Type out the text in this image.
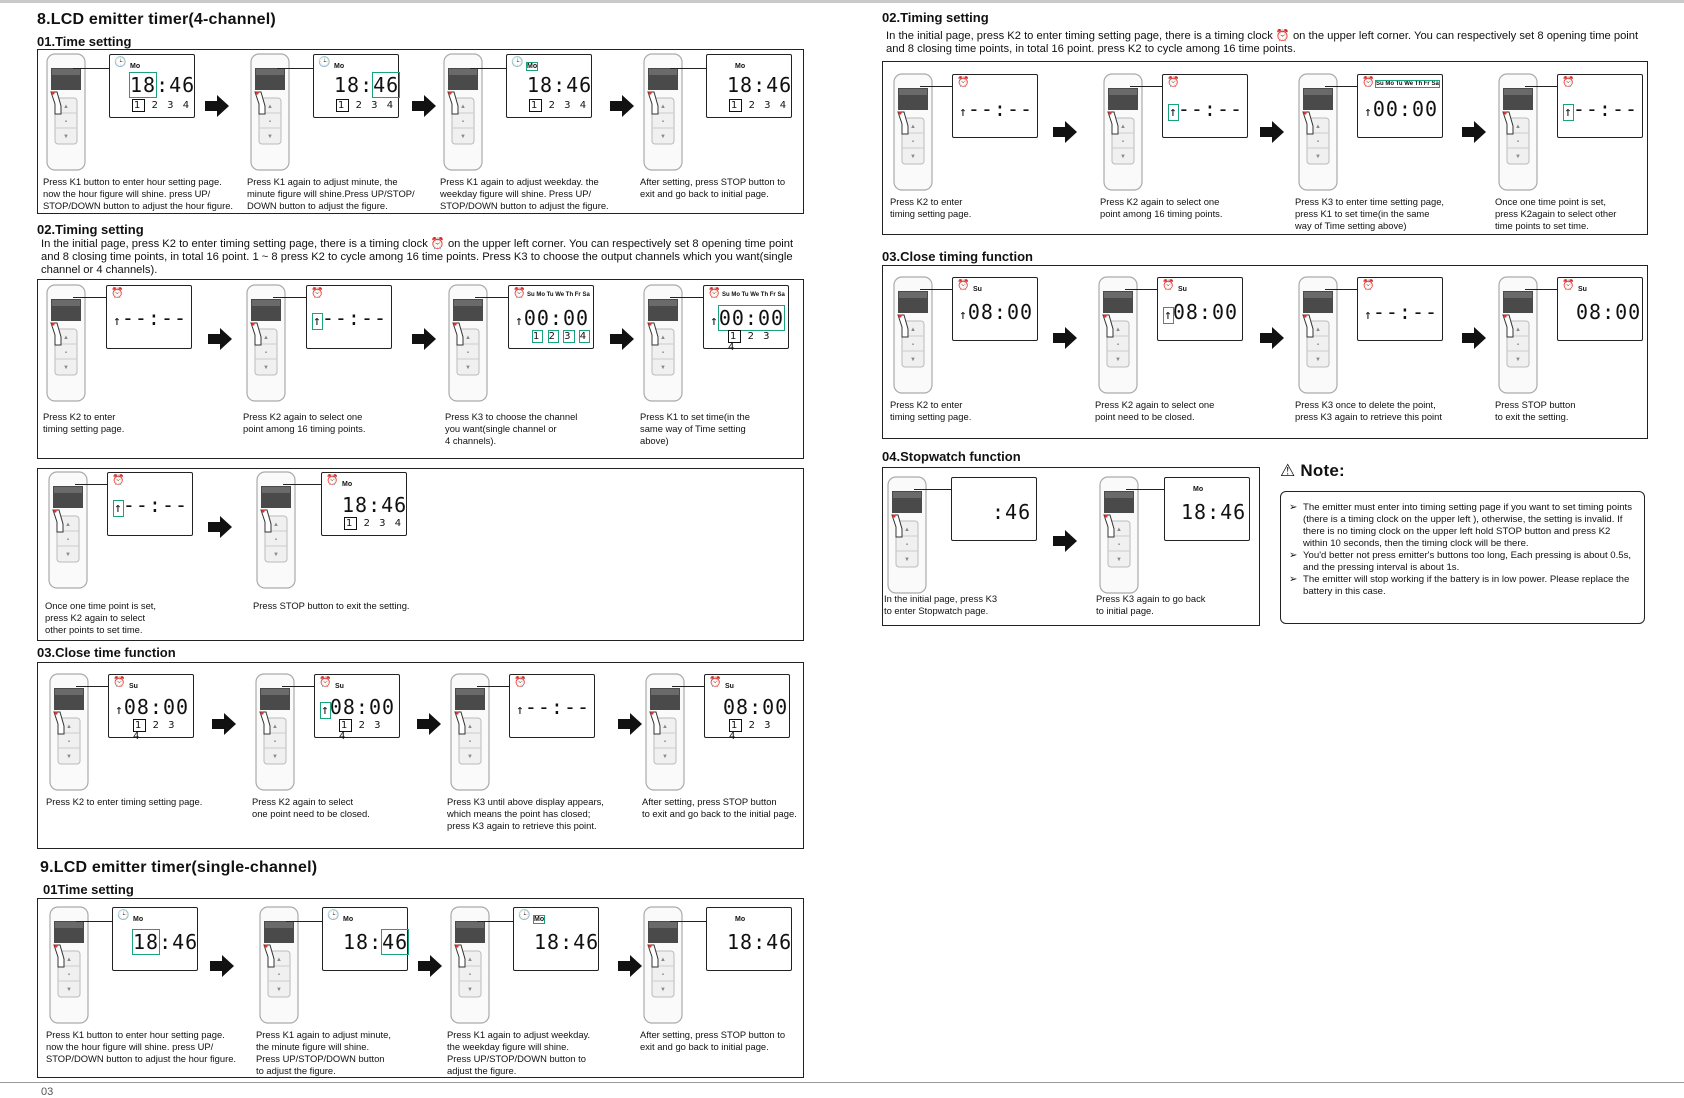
8.LCD emitter timer(4-channel)
01.Time setting
02.Timing setting
In the initial page, press K2 to enter timing setting page, there is a timing clock ⏰ on the upper left corner. You can respectively set 8 opening time point and 8 closing time points, in total 16 point. 1 ~ 8 press K2 to cycle among 16 time points. Press K3 to choose the output channels which you want(single channel or 4 channels).
03.Close time function
9.LCD emitter timer(single-channel)
01Time setting
02.Timing setting
In the initial page, press K2 to enter timing setting page, there is a timing clock ⏰ on the upper left corner. You can respectively set 8 opening time point and 8 closing time points, in total 16 point. press K2 to cycle among 16 time points.
03.Close timing function
04.Stopwatch function
⚠ Note:
➢ The emitter must enter into timing setting page if you want to set timing points (there is a timing clock on the upper left ), otherwise, the setting is invalid. If there is no timing clock on the upper left hold STOP button and press K2 within 10 seconds, then the timing clock will be there.
➢ You'd better not press emitter's buttons too long, Each pressing is about 0.5s, and the pressing interval is about 1s.
➢ The emitter will stop working if the battery is in low power. Please replace the battery in this case.
▲
▪
▼
🕒 Mo
18:46
1 2 3 4
Press K1 button to enter hour setting page.
now the hour figure will shine. press UP/
STOP/DOWN button to adjust the hour figure.
▲
▪
▼
🕒 Mo
18:46
1 2 3 4
Press K1 again to adjust minute, the
minute figure will shine.Press UP/STOP/
DOWN button to adjust the figure.
▲
▪
▼
🕒 Mo
18:46
1 2 3 4
Press K1 again to adjust weekday. the
weekday figure will shine. Press UP/
STOP/DOWN button to adjust the figure.
▲
▪
▼
Mo
18:46
1 2 3 4
After setting, press STOP button to
exit and go back to initial page.
▲
▪
▼
⏰
↑--:--
Press K2 to enter
timing setting page.
▲
▪
▼
⏰
↑--:--
Press K2 again to select one
point among 16 timing points.
▲
▪
▼
⏰ Su Mo Tu We Th Fr Sa
↑00:00
1 2 3 4
Press K3 to choose the channel
you want(single channel or
4 channels).
▲
▪
▼
⏰ Su Mo Tu We Th Fr Sa
↑00:00
1 2 3 4
Press K1 to set time(in the
same way of Time setting
above)
▲
▪
▼
⏰
↑--:--
Once one time point is set,
press K2 again to select
other points to set time.
▲
▪
▼
⏰ Mo
18:46
1 2 3 4
Press STOP button to exit the setting.
▲
▪
▼
⏰ Su
↑08:00
1 2 3 4
Press K2 to enter timing setting page.
▲
▪
▼
⏰ Su
↑08:00
1 2 3 4
Press K2 again to select
one point need to be closed.
▲
▪
▼
⏰
↑--:--
Press K3 until above display appears,
which means the point has closed;
press K3 again to retrieve this point.
▲
▪
▼
⏰ Su
08:00
1 2 3 4
After setting, press STOP button
to exit and go back to the initial page.
▲
▪
▼
🕒 Mo
18:46
Press K1 button to enter hour setting page.
now the hour figure will shine. press UP/
STOP/DOWN button to adjust the hour figure.
▲
▪
▼
🕒 Mo
18:46
Press K1 again to adjust minute,
the minute figure will shine.
Press UP/STOP/DOWN button
to adjust the figure.
▲
▪
▼
🕒 Mo
18:46
Press K1 again to adjust weekday.
the weekday figure will shine.
Press UP/STOP/DOWN button to
adjust the figure.
▲
▪
▼
Mo
18:46
After setting, press STOP button to
exit and go back to initial page.
▲
▪
▼
⏰
↑--:--
Press K2 to enter
timing setting page.
▲
▪
▼
⏰
↑--:--
Press K2 again to select one
point among 16 timing points.
▲
▪
▼
⏰ Su Mo Tu We Th Fr Sa
↑00:00
Press K3 to enter time setting page,
press K1 to set time(in the same
way of Time setting above)
▲
▪
▼
⏰
↑--:--
Once one time point is set,
press K2again to select other
time points to set time.
▲
▪
▼
⏰ Su
↑08:00
Press K2 to enter
timing setting page.
▲
▪
▼
⏰ Su
↑08:00
Press K2 again to select one
point need to be closed.
▲
▪
▼
⏰
↑--:--
Press K3 once to delete the point,
press K3 again to retrieve this point
▲
▪
▼
⏰ Su
08:00
Press STOP button
to exit the setting.
▲
▪
▼
:46
In the initial page, press K3
to enter Stopwatch page.
▲
▪
▼
Mo
18:46
Press K3 again to go back
to initial page.
03
